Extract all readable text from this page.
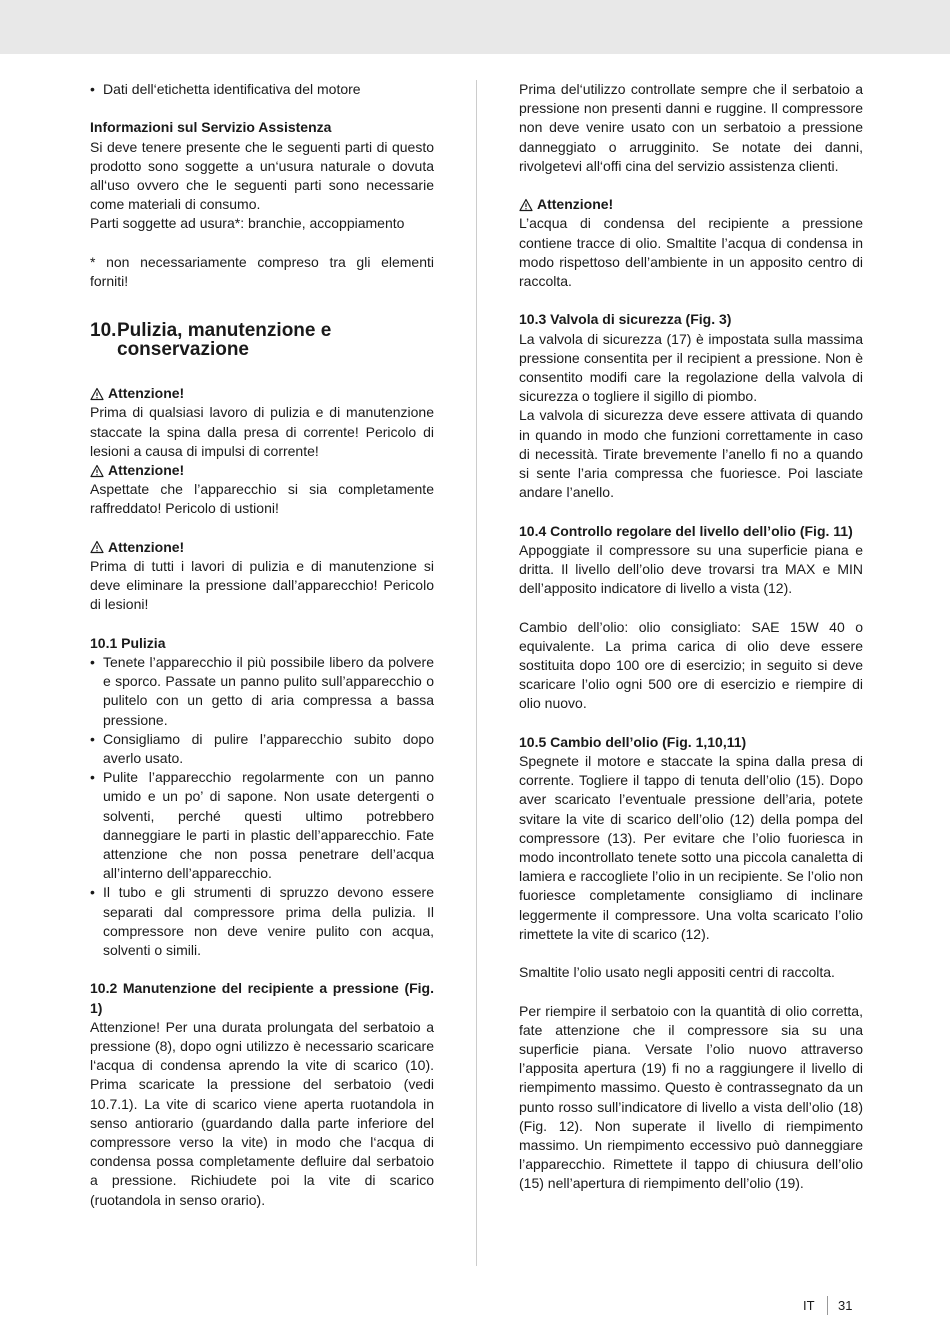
• Dati dell‘etichetta identificativa del motore

Informazioni sul Servizio Assistenza

Si deve tenere presente che le seguenti parti di questo prodotto sono soggette a un‘usura naturale o dovuta all‘uso ovvero che le seguenti parti sono necessarie come materiali di consumo.

Parti soggette ad usura*: branchie, accoppiamento

* non necessariamente compreso tra gli elementi forniti!

10. Pulizia, manutenzione e conservazione
Attenzione!

Prima di qualsiasi lavoro di pulizia e di manutenzione staccate la spina dalla presa di corrente! Pericolo di lesioni a causa di impulsi di corrente!

Attenzione!

Aspettate che l’apparecchio si sia completamente raffreddato! Pericolo di ustioni!

Attenzione!

Prima di tutti i lavori di pulizia e di manutenzione si deve eliminare la pressione dall’apparecchio! Pericolo di lesioni!

10.1 Pulizia

• Tenete l’apparecchio il più possibile libero da polvere e sporco. Passate un panno pulito sull’apparecchio o pulitelo con un getto di aria compressa a bassa pressione.
• Consigliamo di pulire l’apparecchio subito dopo averlo usato.
• Pulite l’apparecchio regolarmente con un panno umido e un po’ di sapone. Non usate detergenti o solventi, perché questi ultimo potrebbero danneggiare le parti in plastic dell’apparecchio. Fate attenzione che non possa penetrare dell’acqua all’interno dell’apparecchio.
• Il tubo e gli strumenti di spruzzo devono essere separati dal compressore prima della pulizia. Il compressore non deve venire pulito con acqua, solventi o simili.

10.2 Manutenzione del recipiente a pressione (Fig. 1)

Attenzione! Per una durata prolungata del serbatoio a pressione (8), dopo ogni utilizzo è necessario scaricare l‘acqua di condensa aprendo la vite di scarico (10). Prima scaricate la pressione del serbatoio (vedi 10.7.1). La vite di scarico viene aperta ruotandola in senso antiorario (guardando dalla parte inferiore del compressore verso la vite) in modo che l‘acqua di condensa possa completamente defluire dal serbatoio a pressione. Richiudete poi la vite di scarico (ruotandola in senso orario).

Prima del‘utilizzo controllate sempre che il serbatoio a pressione non presenti danni e ruggine. Il compressore non deve venire usato con un serbatoio a pressione danneggiato o arrugginito. Se notate dei danni, rivolgetevi all‘offi cina del servizio assistenza clienti.

Attenzione!

L’acqua di condensa del recipiente a pressione contiene tracce di olio. Smaltite l’acqua di condensa in modo rispettoso dell’ambiente in un apposito centro di raccolta.

10.3 Valvola di sicurezza (Fig. 3)

La valvola di sicurezza (17) è impostata sulla massima pressione consentita per il recipient a pressione. Non è consentito modifi care la regolazione della valvola di sicurezza o togliere il sigillo di piombo.

La valvola di sicurezza deve essere attivata di quando in quando in modo che funzioni correttamente in caso di necessità. Tirate brevemente l’anello fi no a quando si sente l’aria compressa che fuoriesce. Poi lasciate andare l’anello.

10.4 Controllo regolare del livello dell’olio (Fig. 11)

Appoggiate il compressore su una superficie piana e dritta. Il livello dell’olio deve trovarsi tra MAX e MIN dell’apposito indicatore di livello a vista (12).

Cambio dell’olio: olio consigliato: SAE 15W 40 o equivalente. La prima carica di olio deve essere sostituita dopo 100 ore di esercizio; in seguito si deve scaricare l’olio ogni 500 ore di esercizio e riempire di olio nuovo.

10.5 Cambio dell’olio (Fig. 1,10,11)

Spegnete il motore e staccate la spina dalla presa di corrente. Togliere il tappo di tenuta dell’olio (15). Dopo aver scaricato l’eventuale pressione dell’aria, potete svitare la vite di scarico dell’olio (12) della pompa del compressore (13). Per evitare che l’olio fuoriesca in modo incontrollato tenete sotto una piccola canaletta di lamiera e raccogliete l’olio in un recipiente. Se l’olio non fuoriesce completamente consigliamo di inclinare leggermente il compressore. Una volta scaricato l’olio rimettete la vite di scarico (12).

Smaltite l’olio usato negli appositi centri di raccolta.

Per riempire il serbatoio con la quantità di olio corretta, fate attenzione che il compressore sia su una superficie piana. Versate l’olio nuovo attraverso l’apposita apertura (19) fi no a raggiungere il livello di riempimento massimo. Questo è contrassegnato da un punto rosso sull’indicatore di livello a vista dell’olio (18) (Fig. 12). Non superate il livello di riempimento massimo. Un riempimento eccessivo può danneggiare l’apparecchio. Rimettete il tappo di chiusura dell’olio (15) nell’apertura di riempimento dell’olio (19).

IT	31
